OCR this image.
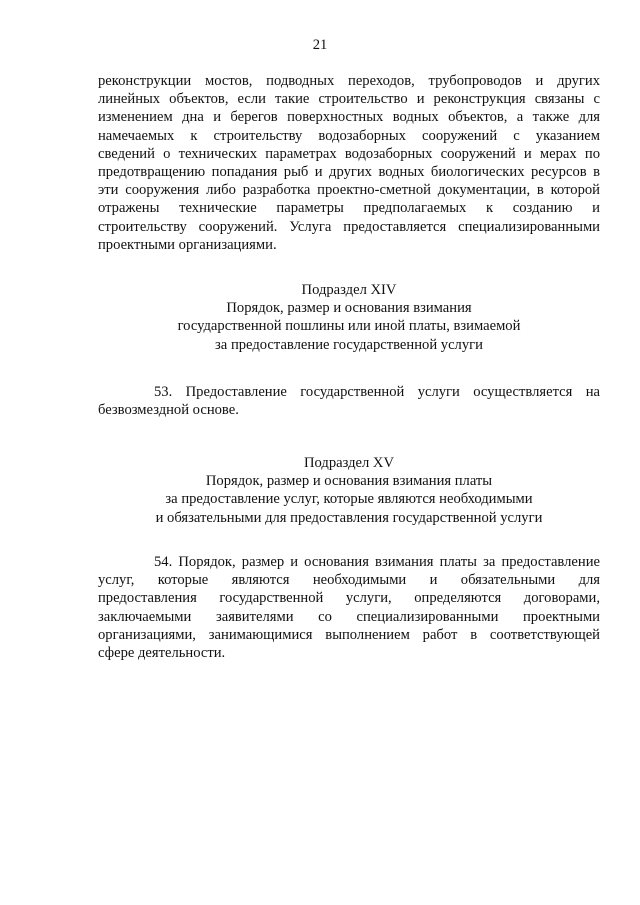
21

реконструкции мостов, подводных переходов, трубопроводов и других

линейных объектов, если такие строительство и реконструкция связаны с

изменением дна и берегов поверхностных водных объектов, а также для

намечаемых к строительству водозаборных сооружений с указанием

сведений о технических параметрах водозаборных сооружений и мерах по

предотвращению попадания рыб и других водных биологических ресурсов в

эти сооружения либо разработка проектно-сметной документации, в которой

отражены технические параметры предполагаемых к созданию и

строительству сооружений. Услуга предоставляется специализированными

проектными организациями.

Подраздел XIV
Порядок, размер и основания взимания
государственной пошлины или иной платы, взимаемой
за предоставление государственной услуги

53. Предоставление государственной услуги осуществляется на

безвозмездной основе.

Подраздел XV
Порядок, размер и основания взимания платы
за предоставление услуг, которые являются необходимыми
и обязательными для предоставления государственной услуги

54. Порядок, размер и основания взимания платы за предоставление

услуг, которые являются необходимыми и обязательными для

предоставления государственной услуги, определяются договорами,

заключаемыми заявителями со специализированными проектными

организациями, занимающимися выполнением работ в соответствующей

сфере деятельности.
